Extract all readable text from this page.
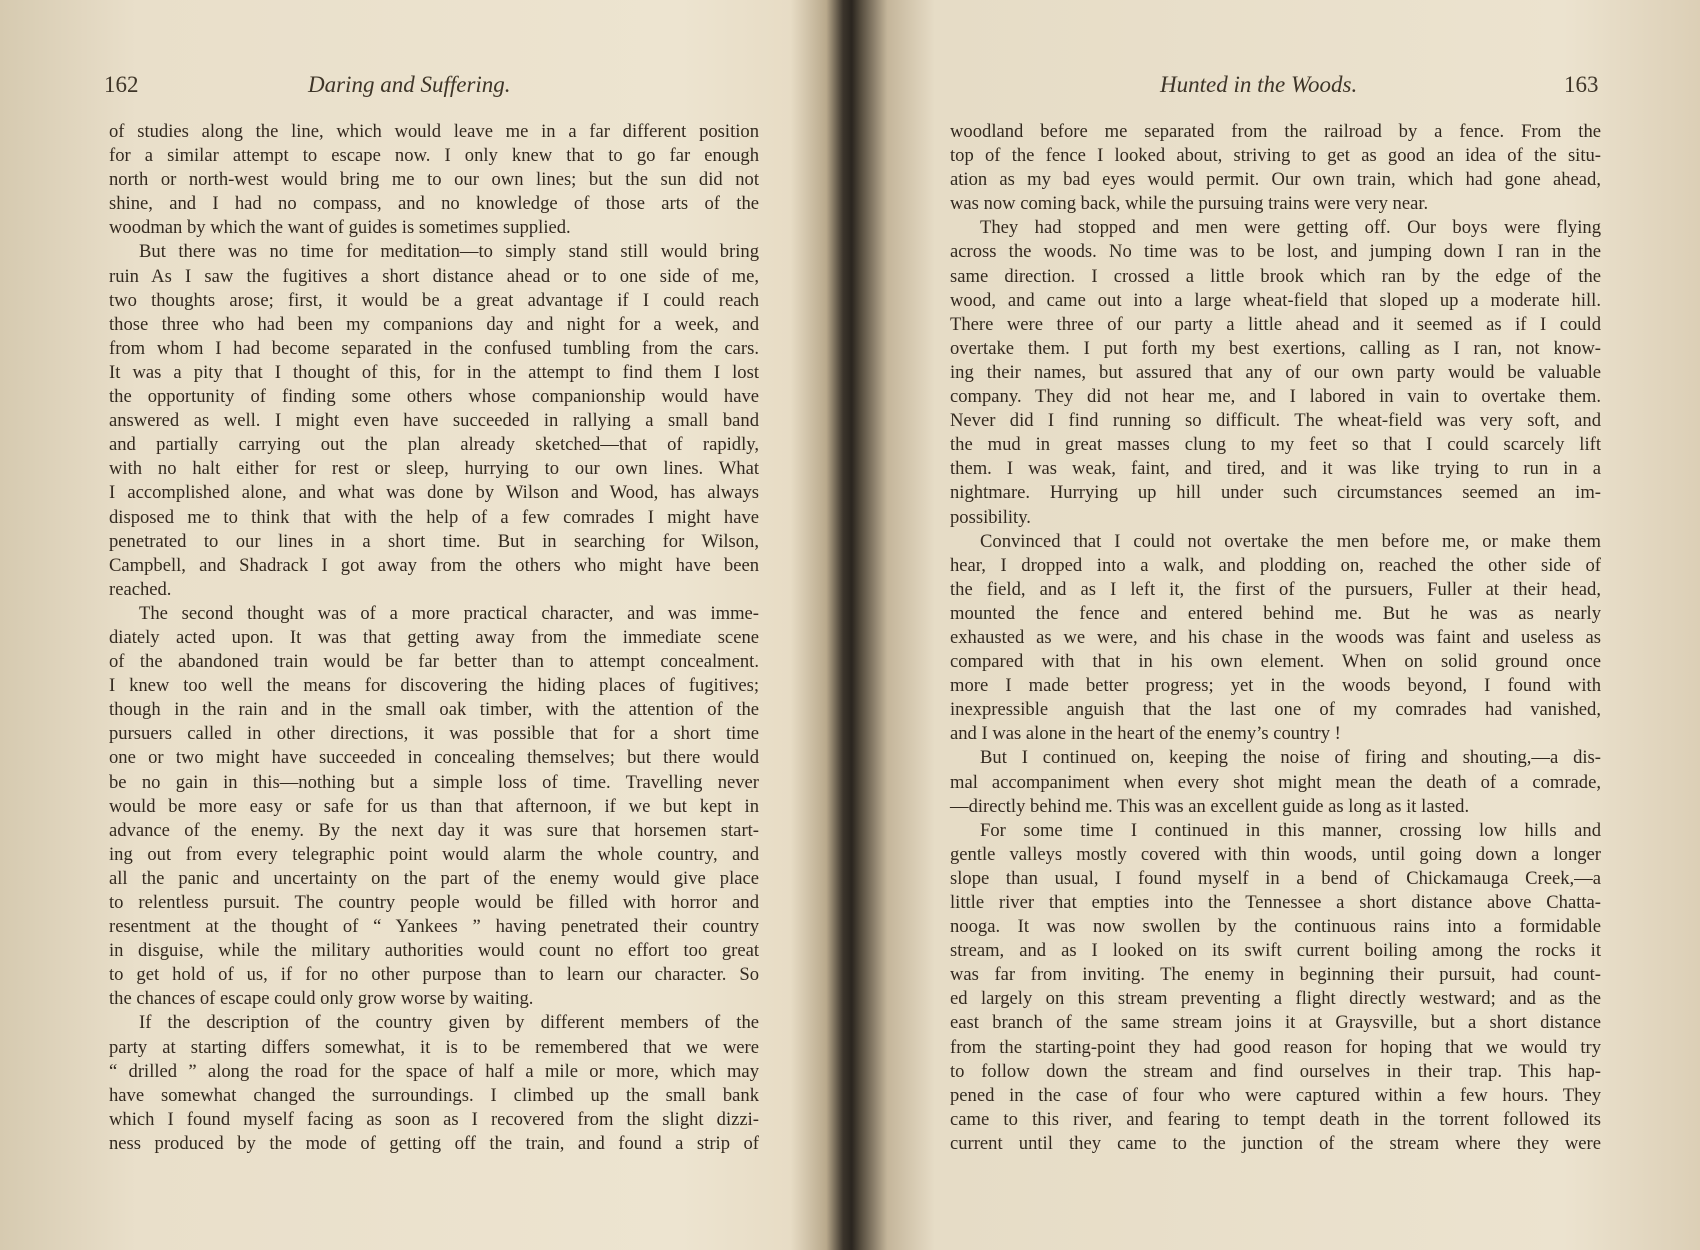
162	Daring and Suffering.
of studies along the line, which would leave me in a far different position
for a similar attempt to escape now. I only knew that to go far enough
north or north-west would bring me to our own lines; but the sun did not
shine, and I had no compass, and no knowledge of those arts of the
woodman by which the want of guides is sometimes supplied.
But there was no time for meditation—to simply stand still would bring
ruin As I saw the fugitives a short distance ahead or to one side of me,
two thoughts arose; first, it would be a great advantage if I could reach
those three who had been my companions day and night for a week, and
from whom I had become separated in the confused tumbling from the cars.
It was a pity that I thought of this, for in the attempt to find them I lost
the opportunity of finding some others whose companionship would have
answered as well. I might even have succeeded in rallying a small band
and partially carrying out the plan already sketched—that of rapidly,
with no halt either for rest or sleep, hurrying to our own lines. What
I accomplished alone, and what was done by Wilson and Wood, has always
disposed me to think that with the help of a few comrades I might have
penetrated to our lines in a short time. But in searching for Wilson,
Campbell, and Shadrack I got away from the others who might have been
reached.
The second thought was of a more practical character, and was imme-
diately acted upon. It was that getting away from the immediate scene
of the abandoned train would be far better than to attempt concealment.
I knew too well the means for discovering the hiding places of fugitives;
though in the rain and in the small oak timber, with the attention of the
pursuers called in other directions, it was possible that for a short time
one or two might have succeeded in concealing themselves; but there would
be no gain in this—nothing but a simple loss of time. Travelling never
would be more easy or safe for us than that afternoon, if we but kept in
advance of the enemy. By the next day it was sure that horsemen start-
ing out from every telegraphic point would alarm the whole country, and
all the panic and uncertainty on the part of the enemy would give place
to relentless pursuit. The country people would be filled with horror and
resentment at the thought of “ Yankees ” having penetrated their country
in disguise, while the military authorities would count no effort too great
to get hold of us, if for no other purpose than to learn our character. So
the chances of escape could only grow worse by waiting.
If the description of the country given by different members of the
party at starting differs somewhat, it is to be remembered that we were
“ drilled ” along the road for the space of half a mile or more, which may
have somewhat changed the surroundings. I climbed up the small bank
which I found myself facing as soon as I recovered from the slight dizzi-
ness produced by the mode of getting off the train, and found a strip of
Hunted in the Woods.	163
woodland before me separated from the railroad by a fence. From the
top of the fence I looked about, striving to get as good an idea of the situ-
ation as my bad eyes would permit. Our own train, which had gone ahead,
was now coming back, while the pursuing trains were very near.
They had stopped and men were getting off. Our boys were flying
across the woods. No time was to be lost, and jumping down I ran in the
same direction. I crossed a little brook which ran by the edge of the
wood, and came out into a large wheat-field that sloped up a moderate hill.
There were three of our party a little ahead and it seemed as if I could
overtake them. I put forth my best exertions, calling as I ran, not know-
ing their names, but assured that any of our own party would be valuable
company. They did not hear me, and I labored in vain to overtake them.
Never did I find running so difficult. The wheat-field was very soft, and
the mud in great masses clung to my feet so that I could scarcely lift
them. I was weak, faint, and tired, and it was like trying to run in a
nightmare. Hurrying up hill under such circumstances seemed an im-
possibility.
Convinced that I could not overtake the men before me, or make them
hear, I dropped into a walk, and plodding on, reached the other side of
the field, and as I left it, the first of the pursuers, Fuller at their head,
mounted the fence and entered behind me. But he was as nearly
exhausted as we were, and his chase in the woods was faint and useless as
compared with that in his own element. When on solid ground once
more I made better progress; yet in the woods beyond, I found with
inexpressible anguish that the last one of my comrades had vanished,
and I was alone in the heart of the enemy’s country !
But I continued on, keeping the noise of firing and shouting,—a dis-
mal accompaniment when every shot might mean the death of a comrade,
—directly behind me. This was an excellent guide as long as it lasted.
For some time I continued in this manner, crossing low hills and
gentle valleys mostly covered with thin woods, until going down a longer
slope than usual, I found myself in a bend of Chickamauga Creek,—a
little river that empties into the Tennessee a short distance above Chatta-
nooga. It was now swollen by the continuous rains into a formidable
stream, and as I looked on its swift current boiling among the rocks it
was far from inviting. The enemy in beginning their pursuit, had count-
ed largely on this stream preventing a flight directly westward; and as the
east branch of the same stream joins it at Graysville, but a short distance
from the starting-point they had good reason for hoping that we would try
to follow down the stream and find ourselves in their trap. This hap-
pened in the case of four who were captured within a few hours. They
came to this river, and fearing to tempt death in the torrent followed its
current until they came to the junction of the stream where they were
